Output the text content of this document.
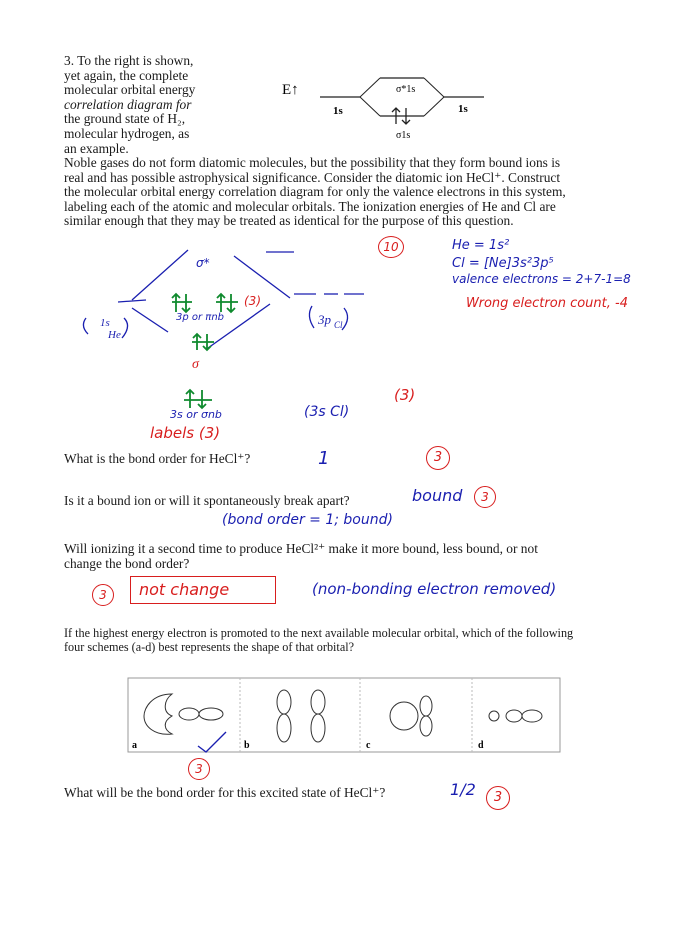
3. To the right is shown,
yet again, the complete
molecular orbital energy
correlation diagram for
the ground state of H₂,
molecular hydrogen, as
an example.
E↑
1s	1s
σ*1s
σ1s
Noble gases do not form diatomic molecules, but the possibility that they form bound ions is
real and has possible astrophysical significance. Consider the diatomic ion HeCl⁺. Construct
the molecular orbital energy correlation diagram for only the valence electrons in this system,
labeling each of the atomic and molecular orbitals. The ionization energies of He and Cl are
similar enough that they may be treated as identical for the purpose of this question.
1s
He
3p Cl
σ
σ*
3p or πnb
(3)
10	He = 1s²
Cl = [Ne]3s²3p⁵
valence electrons = 2+7-1=8
Wrong electron count, -4
3s or σnb	(3s Cl)
(3)
labels (3)
What is the bond order for HeCl⁺?	1	3
Is it a bound ion or will it spontaneously break apart?	bound	3
(bond order = 1; bound)
Will ionizing it a second time to produce HeCl²⁺ make it more bound, less bound, or not
change the bond order?
3	not change	(non-bonding electron removed)
If the highest energy electron is promoted to the next available molecular orbital, which of the following
four schemes (a-d) best represents the shape of that orbital?
a	b	c	d
3
What will be the bond order for this excited state of HeCl⁺?	1/2	3
